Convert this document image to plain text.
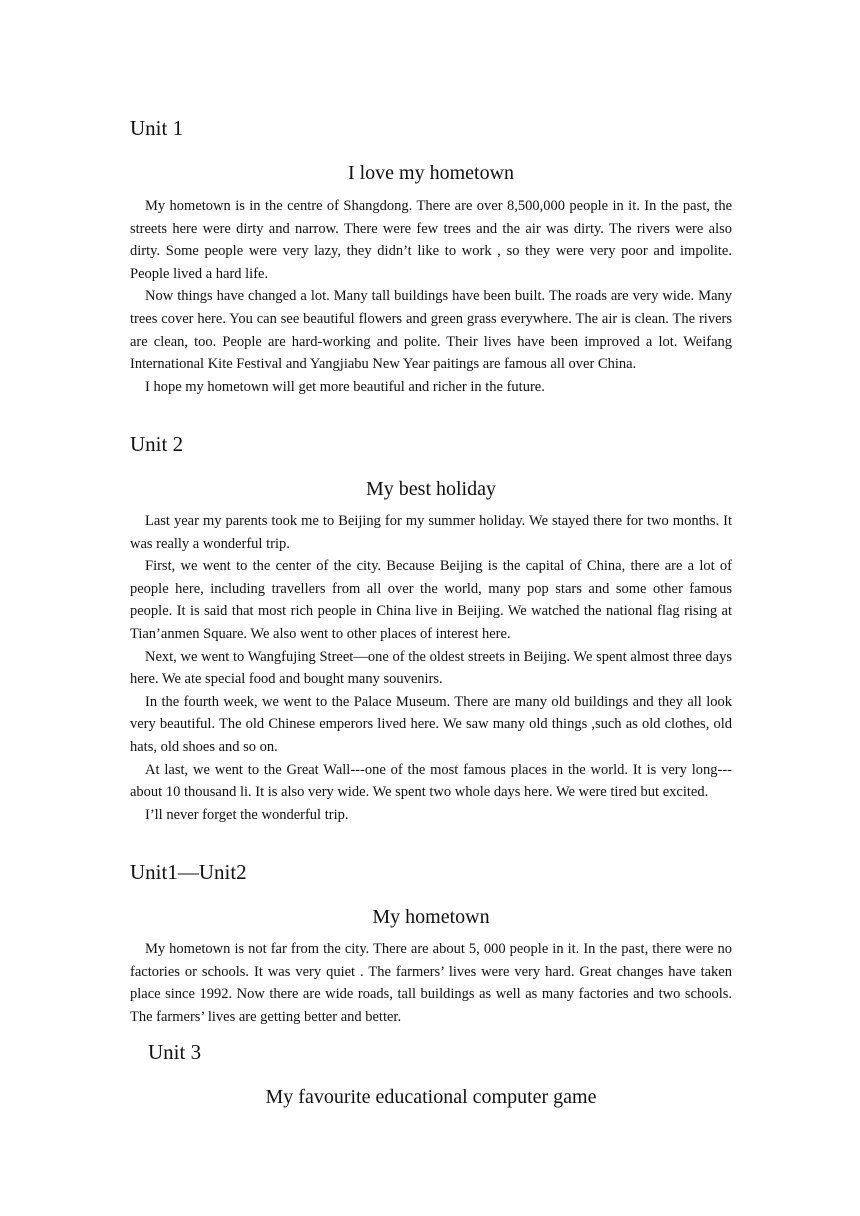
Unit 1
I love my hometown

My hometown is in the centre of Shangdong. There are over 8,500,000 people in it. In the past, the streets here were dirty and narrow. There were few trees and the air was dirty. The rivers were also dirty. Some people were very lazy, they didn’t like to work , so they were very poor and impolite. People lived a hard life.

Now things have changed a lot. Many tall buildings have been built. The roads are very wide. Many trees cover here. You can see beautiful flowers and green grass everywhere. The air is clean. The rivers are clean, too. People are hard-working and polite. Their lives have been improved a lot. Weifang International Kite Festival and Yangjiabu New Year paitings are famous all over China.

I hope my hometown will get more beautiful and richer in the future.

Unit 2
My best holiday

Last year my parents took me to Beijing for my summer holiday. We stayed there for two months. It was really a wonderful trip.

First, we went to the center of the city. Because Beijing is the capital of China, there are a lot of people here, including travellers from all over the world, many pop stars and some other famous people. It is said that most rich people in China live in Beijing. We watched the national flag rising at Tian’anmen Square. We also went to other places of interest here.

Next, we went to Wangfujing Street—one of the oldest streets in Beijing. We spent almost three days here. We ate special food and bought many souvenirs.

In the fourth week, we went to the Palace Museum. There are many old buildings and they all look very beautiful. The old Chinese emperors lived here. We saw many old things ,such as old clothes, old hats, old shoes and so on.

At last, we went to the Great Wall---one of the most famous places in the world. It is very long---about 10 thousand li. It is also very wide. We spent two whole days here. We were tired but excited.

I’ll never forget the wonderful trip.

Unit1—Unit2
My hometown

My hometown is not far from the city. There are about 5, 000 people in it. In the past, there were no factories or schools. It was very quiet . The farmers’ lives were very hard. Great changes have taken place since 1992. Now there are wide roads, tall buildings as well as many factories and two schools. The farmers’ lives are getting better and better.

Unit 3
My favourite educational computer game
